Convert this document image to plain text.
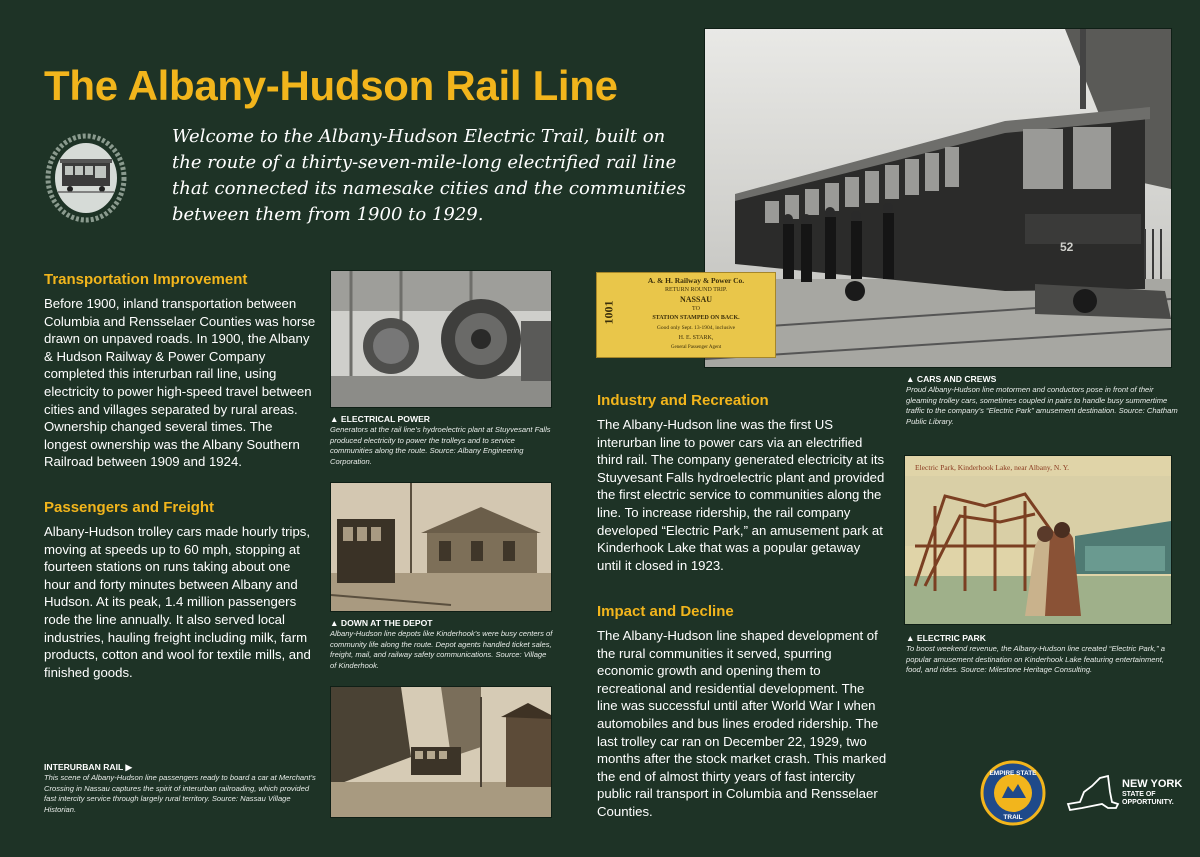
The Albany-Hudson Rail Line
Welcome to the Albany-Hudson Electric Trail, built on the route of a thirty-seven-mile-long electrified rail line that connected its namesake cities and the communities between them from 1900 to 1929.
52
1001
A. & H. Railway & Power Co.
RETURN ROUND TRIP.
NASSAU
TO
STATION STAMPED ON BACK.
Good only Sept. 13-1904, inclusive
H. E. STARK,
General Passenger Agent
▲ CARS AND CREWS
Proud Albany-Hudson line motormen and conductors pose in front of their gleaming trolley cars, sometimes coupled in pairs to handle busy summertime traffic to the company’s “Electric Park” amusement destination. Source: Chatham Public Library.
Transportation Improvement
Before 1900, inland transportation between Columbia and Rensselaer Counties was horse drawn on unpaved roads. In 1900, the Albany & Hudson Railway & Power Company completed this interurban rail line, using electricity to power high-speed travel between cities and villages separated by rural areas. Ownership changed several times. The longest ownership was the Albany Southern Railroad between 1909 and 1924.
Passengers and Freight
Albany-Hudson trolley cars made hourly trips, moving at speeds up to 60 mph, stopping at fourteen stations on runs taking about one hour and forty minutes between Albany and Hudson. At its peak, 1.4 million passengers rode the line annually. It also served local industries, hauling freight including milk, farm products, cotton and wool for textile mills, and finished goods.
INTERURBAN RAIL ▶
This scene of Albany-Hudson line passengers ready to board a car at Merchant’s Crossing in Nassau captures the spirit of interurban railroading, which provided fast intercity service through largely rural territory. Source: Nassau Village Historian.
▲ ELECTRICAL POWER
Generators at the rail line’s hydroelectric plant at Stuyvesant Falls produced electricity to power the trolleys and to service communities along the route. Source: Albany Engineering Corporation.
▲ DOWN AT THE DEPOT
Albany-Hudson line depots like Kinderhook’s were busy centers of community life along the route. Depot agents handled ticket sales, freight, mail, and railway safety communications. Source: Village of Kinderhook.
Industry and Recreation
The Albany-Hudson line was the first US interurban line to power cars via an electrified third rail. The company generated electricity at its Stuyvesant Falls hydroelectric plant and provided the first electric service to communities along the line. To increase ridership, the rail company developed “Electric Park,” an amusement park at Kinderhook Lake that was a popular getaway until it closed in 1923.
Impact and Decline
The Albany-Hudson line shaped development of the rural communities it served, spurring economic growth and opening them to recreational and residential development. The line was successful until after World War I when automobiles and bus lines eroded ridership. The last trolley car ran on December 22, 1929, two months after the stock market crash. This marked the end of almost thirty years of fast intercity public rail transport in Columbia and Rensselaer Counties.
Electric Park, Kinderhook Lake, near Albany, N. Y.
▲ ELECTRIC PARK
To boost weekend revenue, the Albany-Hudson line created “Electric Park,” a popular amusement destination on Kinderhook Lake featuring entertainment, food, and rides. Source: Milestone Heritage Consulting.
EMPIRE STATE
TRAIL
NEW YORK
STATE OF
OPPORTUNITY.
